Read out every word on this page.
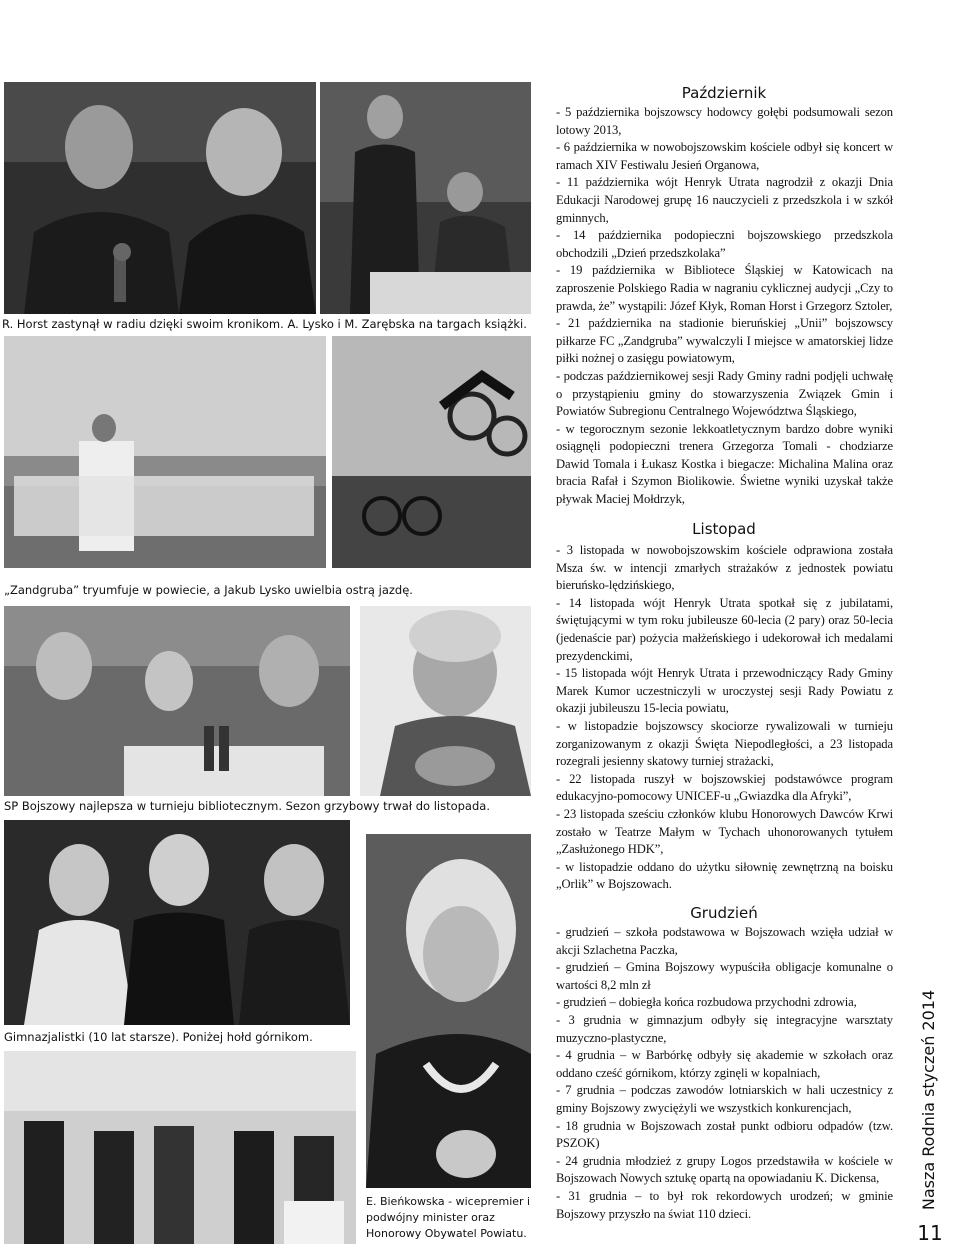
R. Horst zastynął w radiu dzięki swoim kronikom. A. Lysko i M. Zarębska na targach książki.
„Zandgruba” tryumfuje w powiecie, a Jakub Lysko uwielbia ostrą jazdę.
SP Bojszowy najlepsza w turnieju bibliotecznym. Sezon grzybowy trwał do listopada.
Gimnazjalistki (10 lat starsze). Poniżej hołd górnikom.
E. Bieńkowska - wicepremier i podwójny minister oraz Honorowy Obywatel Powiatu.
Październik

- 5 października bojszowscy hodowcy gołębi podsumowali sezon lotowy 2013,

- 6 października w nowobojszowskim kościele odbył się koncert w ramach XIV Festiwalu Jesień Organowa,

- 11 października wójt Henryk Utrata nagrodził z okazji Dnia Edukacji Narodowej grupę 16 nauczycieli z przedszkola i w szkół gminnych,

- 14 października podopieczni bojszowskiego przedszkola obchodzili „Dzień przedszkolaka”

- 19 października w Bibliotece Śląskiej w Katowicach na zaproszenie Polskiego Radia w nagraniu cyklicznej audycji „Czy to prawda, że” wystąpili: Józef Kłyk, Roman Horst i Grzegorz Sztoler,

- 21 października na stadionie bieruńskiej „Unii” bojszowscy piłkarze FC „Zandgruba” wywalczyli I miejsce w amatorskiej lidze piłki nożnej o zasięgu powiatowym,

- podczas październikowej sesji Rady Gminy radni podjęli uchwałę o przystąpieniu gminy do stowarzyszenia Związek Gmin i Powiatów Subregionu Centralnego Województwa Śląskiego,

- w tegorocznym sezonie lekkoatletycznym bardzo dobre wyniki osiągnęli podopieczni trenera Grzegorza Tomali - chodziarze Dawid Tomala i Łukasz Kostka i biegacze: Michalina Malina oraz bracia Rafał i Szymon Biolikowie. Świetne wyniki uzyskał także pływak Maciej Mołdrzyk,

Listopad

- 3 listopada w nowobojszowskim kościele odprawiona została Msza św. w intencji zmarłych strażaków z jednostek powiatu bieruńsko-lędzińskiego,

- 14 listopada wójt Henryk Utrata spotkał się z jubilatami, świętującymi w tym roku jubileusze 60-lecia (2 pary) oraz 50-lecia (jedenaście par) pożycia małżeńskiego i udekorował ich medalami prezydenckimi,

- 15 listopada wójt Henryk Utrata i przewodniczący Rady Gminy Marek Kumor uczestniczyli w uroczystej sesji Rady Powiatu z okazji jubileuszu 15-lecia powiatu,

- w listopadzie bojszowscy skociorze rywalizowali w turnieju zorganizowanym z okazji Święta Niepodległości, a 23 listopada rozegrali jesienny skatowy turniej strażacki,

- 22 listopada ruszył w bojszowskiej podstawówce program edukacyjno-pomocowy UNICEF-u „Gwiazdka dla Afryki”,

- 23 listopada sześciu członków klubu Honorowych Dawców Krwi zostało w Teatrze Małym w Tychach uhonorowanych tytułem „Zasłużonego HDK”,

- w listopadzie oddano do użytku siłownię zewnętrzną na boisku „Orlik” w Bojszowach.

Grudzień

- grudzień – szkoła podstawowa w Bojszowach wzięła udział w akcji Szlachetna Paczka,

- grudzień – Gmina Bojszowy wypuściła obligacje komunalne o wartości 8,2 mln zł

- grudzień – dobiegła końca rozbudowa przychodni zdrowia,

- 3 grudnia w gimnazjum odbyły się integracyjne warsztaty muzyczno-plastyczne,

- 4 grudnia – w Barbórkę odbyły się akademie w szkołach oraz oddano cześć górnikom, którzy zginęli w kopalniach,

- 7 grudnia – podczas zawodów lotniarskich w hali uczestnicy z gminy Bojszowy zwyciężyli we wszystkich konkurencjach,

- 18 grudnia w Bojszowach został punkt odbioru odpadów (tzw. PSZOK)

- 24 grudnia młodzież z grupy Logos przedstawiła w kościele w Bojszowach Nowych sztukę opartą na opowiadaniu K. Dickensa,

- 31 grudnia – to był rok rekordowych urodzeń; w gminie Bojszowy przyszło na świat 110 dzieci.

Nasza Rodnia styczeń 2014
11
